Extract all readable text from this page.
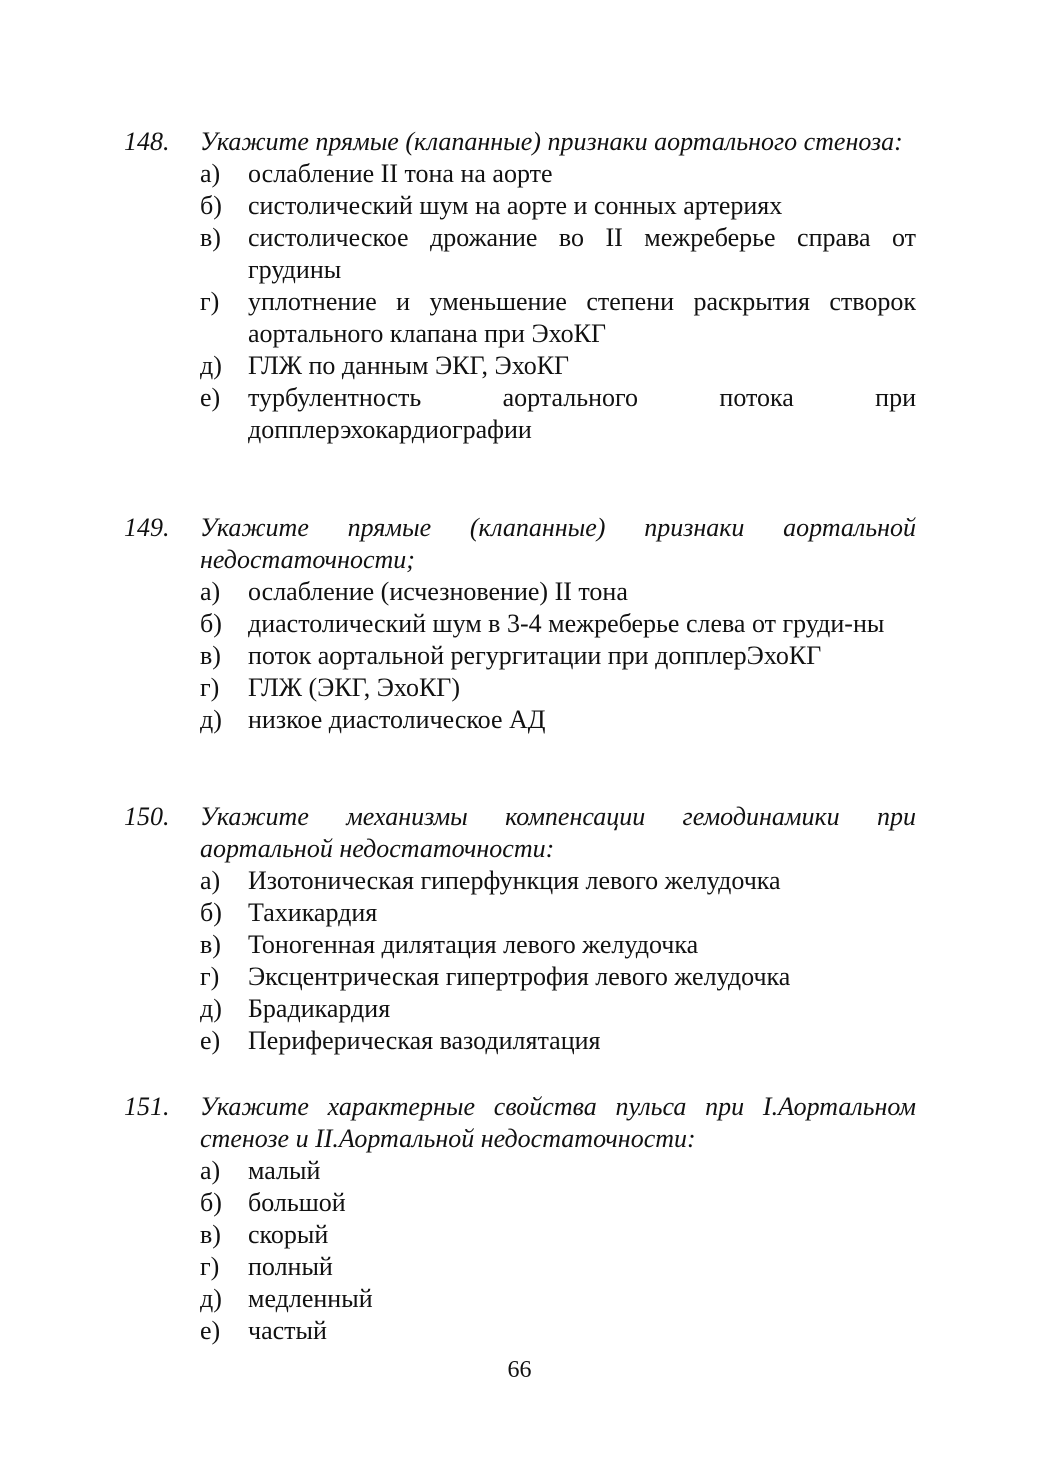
148. Укажите прямые (клапанные) признаки аортального стеноза:
а) ослабление II тона на аорте
б) систолический шум на аорте и сонных артериях
в) систолическое дрожание во II межреберье справа от грудины
г) уплотнение и уменьшение степени раскрытия створок аортального клапана при ЭхоКГ
д) ГЛЖ по данным ЭКГ, ЭхоКГ
е) турбулентность аортального потока при допплерэхокардиографии
149. Укажите прямые (клапанные) признаки аортальной недостаточности;
а) ослабление (исчезновение) II тона
б) диастолический шум в 3-4 межреберье слева от груди-ны
в) поток аортальной регургитации при допплерЭхоКГ
г) ГЛЖ (ЭКГ, ЭхоКГ)
д) низкое диастолическое АД
150. Укажите механизмы компенсации гемодинамики при аортальной недостаточности:
а) Изотоническая гиперфункция левого желудочка
б) Тахикардия
в) Тоногенная дилятация левого желудочка
г) Эксцентрическая гипертрофия левого желудочка
д) Брадикардия
е) Периферическая вазодилятация
151. Укажите характерные свойства пульса при I.Аортальном стенозе и II.Аортальной недостаточности:
а) малый
б) большой
в) скорый
г) полный
д) медленный
е) частый
66
